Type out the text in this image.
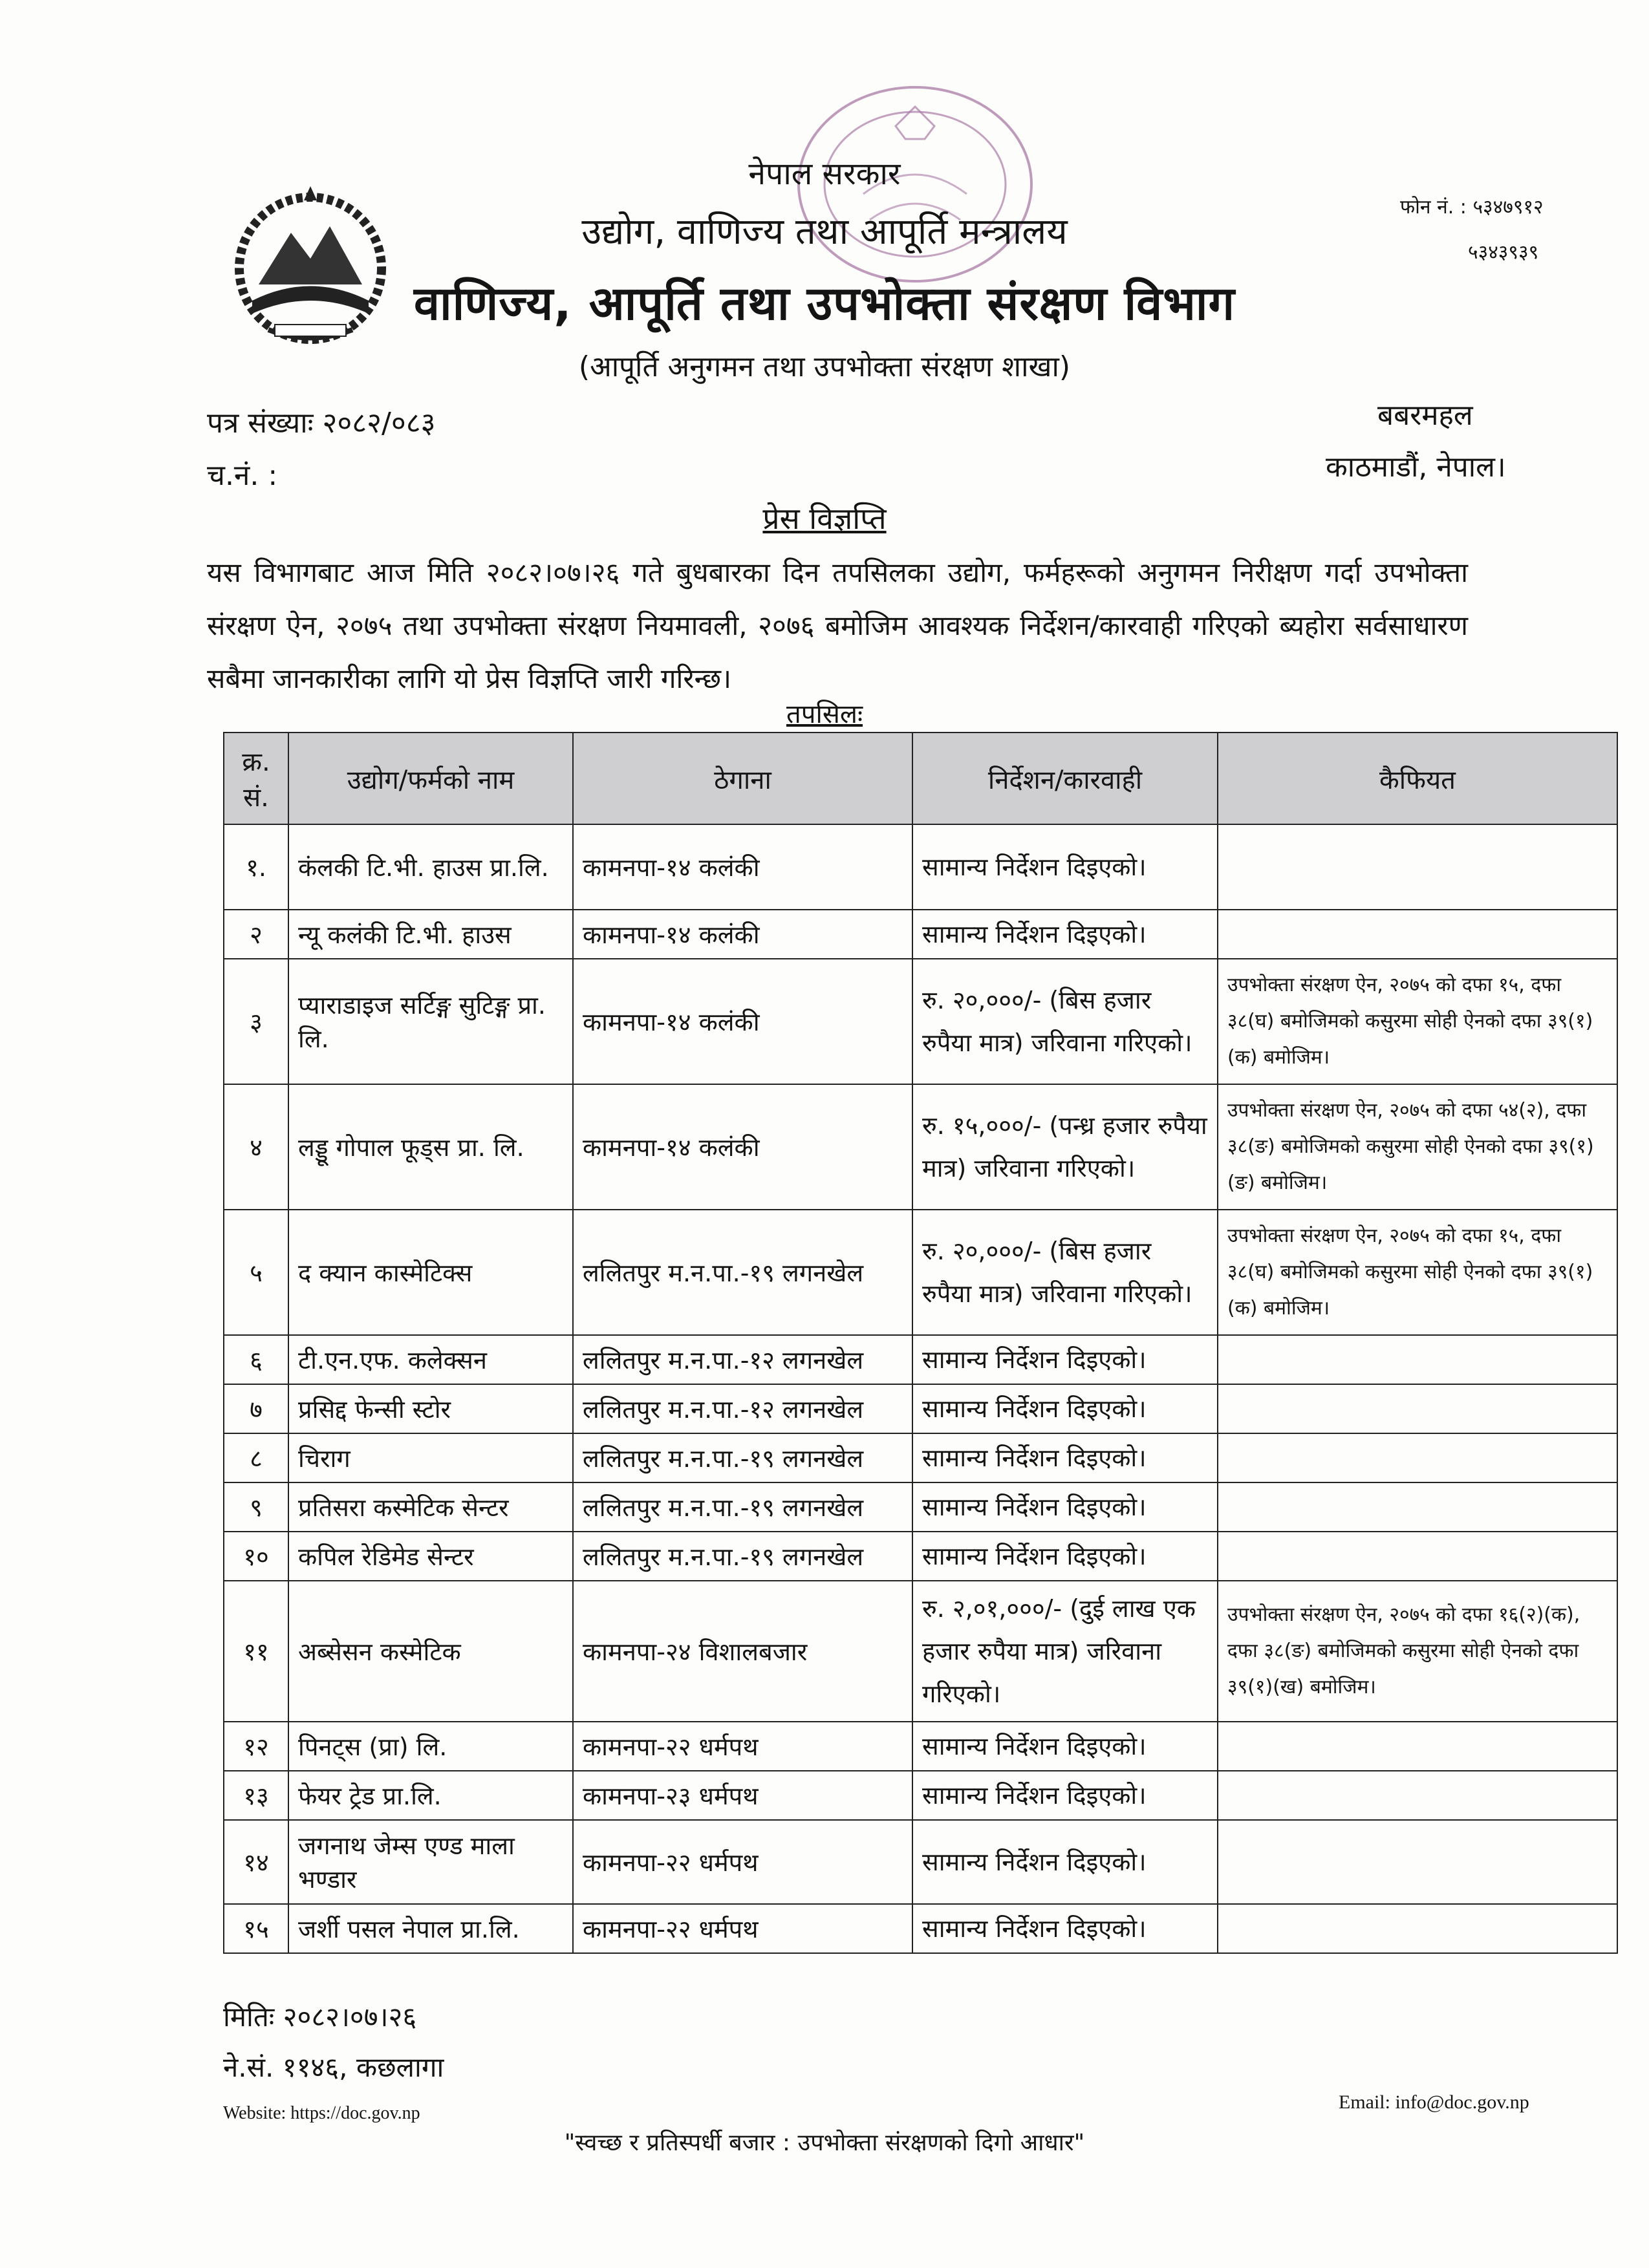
नेपाल सरकार
उद्योग, वाणिज्य तथा आपूर्ति मन्त्रालय
वाणिज्य, आपूर्ति तथा उपभोक्ता संरक्षण विभाग
(आपूर्ति अनुगमन तथा उपभोक्ता संरक्षण शाखा)
फोन नं. : ५३४७९१२
५३४३९३९
पत्र संख्याः २०८२/०८३
च.नं. :
बबरमहल
काठमाडौं, नेपाल।
प्रेस विज्ञप्ति
यस विभागबाट आज मिति २०८२।०७।२६ गते बुधबारका दिन तपसिलका उद्योग, फर्महरूको अनुगमन निरीक्षण गर्दा उपभोक्ता संरक्षण ऐन, २०७५ तथा उपभोक्ता संरक्षण नियमावली, २०७६ बमोजिम आवश्यक निर्देशन/कारवाही गरिएको ब्यहोरा सर्वसाधारण सबैमा जानकारीका लागि यो प्रेस विज्ञप्ति जारी गरिन्छ।
तपसिलः
क्र. सं.	उद्योग/फर्मको नाम	ठेगाना	निर्देशन/कारवाही	कैफियत
१.	कंलकी टि.भी. हाउस प्रा.लि.	कामनपा-१४ कलंकी	सामान्य निर्देशन दिइएको।	
२	न्यू कलंकी टि.भी. हाउस	कामनपा-१४ कलंकी	सामान्य निर्देशन दिइएको।	
३	प्याराडाइज सर्टिङ्ग सुटिङ्ग प्रा. लि.	कामनपा-१४ कलंकी	रु. २०,०००/- (बिस हजार रुपैया मात्र) जरिवाना गरिएको।	उपभोक्ता संरक्षण ऐन, २०७५ को दफा १५, दफा ३८(घ) बमोजिमको कसुरमा सोही ऐनको दफा ३९(१)(क) बमोजिम।
४	लड्डू गोपाल फूड्स प्रा. लि.	कामनपा-१४ कलंकी	रु. १५,०००/- (पन्ध्र हजार रुपैया मात्र) जरिवाना गरिएको।	उपभोक्ता संरक्षण ऐन, २०७५ को दफा ५४(२), दफा ३८(ङ) बमोजिमको कसुरमा सोही ऐनको दफा ३९(१)(ङ) बमोजिम।
५	द क्यान कास्मेटिक्स	ललितपुर म.न.पा.-१९ लगनखेल	रु. २०,०००/- (बिस हजार रुपैया मात्र) जरिवाना गरिएको।	उपभोक्ता संरक्षण ऐन, २०७५ को दफा १५, दफा ३८(घ) बमोजिमको कसुरमा सोही ऐनको दफा ३९(१)(क) बमोजिम।
६	टी.एन.एफ. कलेक्सन	ललितपुर म.न.पा.-१२ लगनखेल	सामान्य निर्देशन दिइएको।	
७	प्रसिद्द फेन्सी स्टोर	ललितपुर म.न.पा.-१२ लगनखेल	सामान्य निर्देशन दिइएको।	
८	चिराग	ललितपुर म.न.पा.-१९ लगनखेल	सामान्य निर्देशन दिइएको।	
९	प्रतिसरा कस्मेटिक सेन्टर	ललितपुर म.न.पा.-१९ लगनखेल	सामान्य निर्देशन दिइएको।	
१०	कपिल रेडिमेड सेन्टर	ललितपुर म.न.पा.-१९ लगनखेल	सामान्य निर्देशन दिइएको।	
११	अब्सेसन कस्मेटिक	कामनपा-२४ विशालबजार	रु. २,०१,०००/- (दुई लाख एक हजार रुपैया मात्र) जरिवाना गरिएको।	उपभोक्ता संरक्षण ऐन, २०७५ को दफा १६(२)(क), दफा ३८(ङ) बमोजिमको कसुरमा सोही ऐनको दफा ३९(१)(ख) बमोजिम।
१२	पिनट्स (प्रा) लि.	कामनपा-२२ धर्मपथ	सामान्य निर्देशन दिइएको।	
१३	फेयर ट्रेड प्रा.लि.	कामनपा-२३ धर्मपथ	सामान्य निर्देशन दिइएको।	
१४	जगनाथ जेम्स एण्ड माला भण्डार	कामनपा-२२ धर्मपथ	सामान्य निर्देशन दिइएको।	
१५	जर्शी पसल नेपाल प्रा.लि.	कामनपा-२२ धर्मपथ	सामान्य निर्देशन दिइएको।	
मितिः २०८२।०७।२६
ने.सं. ११४६, कछलागा
Website: https://doc.gov.np
Email: info@doc.gov.np
"स्वच्छ र प्रतिस्पर्धी बजार : उपभोक्ता संरक्षणको दिगो आधार"
